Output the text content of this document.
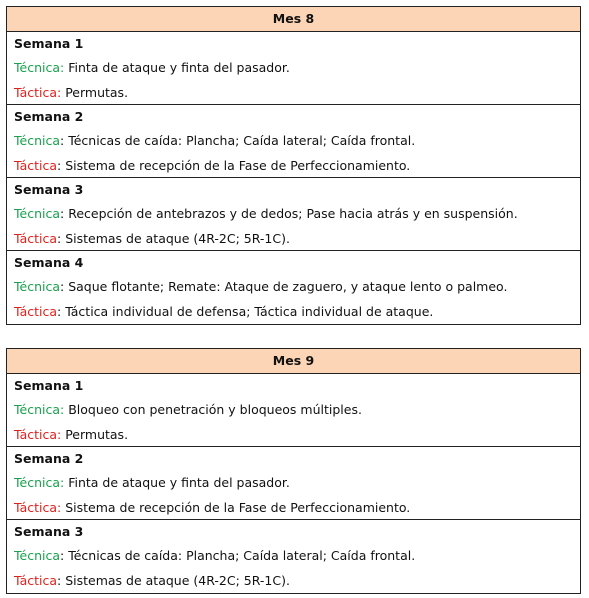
Mes 8
Semana 1
Técnica: Finta de ataque y finta del pasador.
Táctica: Permutas.
Semana 2
Técnica: Técnicas de caída: Plancha; Caída lateral; Caída frontal.
Táctica: Sistema de recepción de la Fase de Perfeccionamiento.
Semana 3
Técnica: Recepción de antebrazos y de dedos; Pase hacia atrás y en suspensión.
Táctica: Sistemas de ataque (4R-2C; 5R-1C).
Semana 4
Técnica: Saque flotante; Remate: Ataque de zaguero, y ataque lento o palmeo.
Táctica: Táctica individual de defensa; Táctica individual de ataque.
Mes 9
Semana 1
Técnica: Bloqueo con penetración y bloqueos múltiples.
Táctica: Permutas.
Semana 2
Técnica: Finta de ataque y finta del pasador.
Táctica: Sistema de recepción de la Fase de Perfeccionamiento.
Semana 3
Técnica: Técnicas de caída: Plancha; Caída lateral; Caída frontal.
Táctica: Sistemas de ataque (4R-2C; 5R-1C).
